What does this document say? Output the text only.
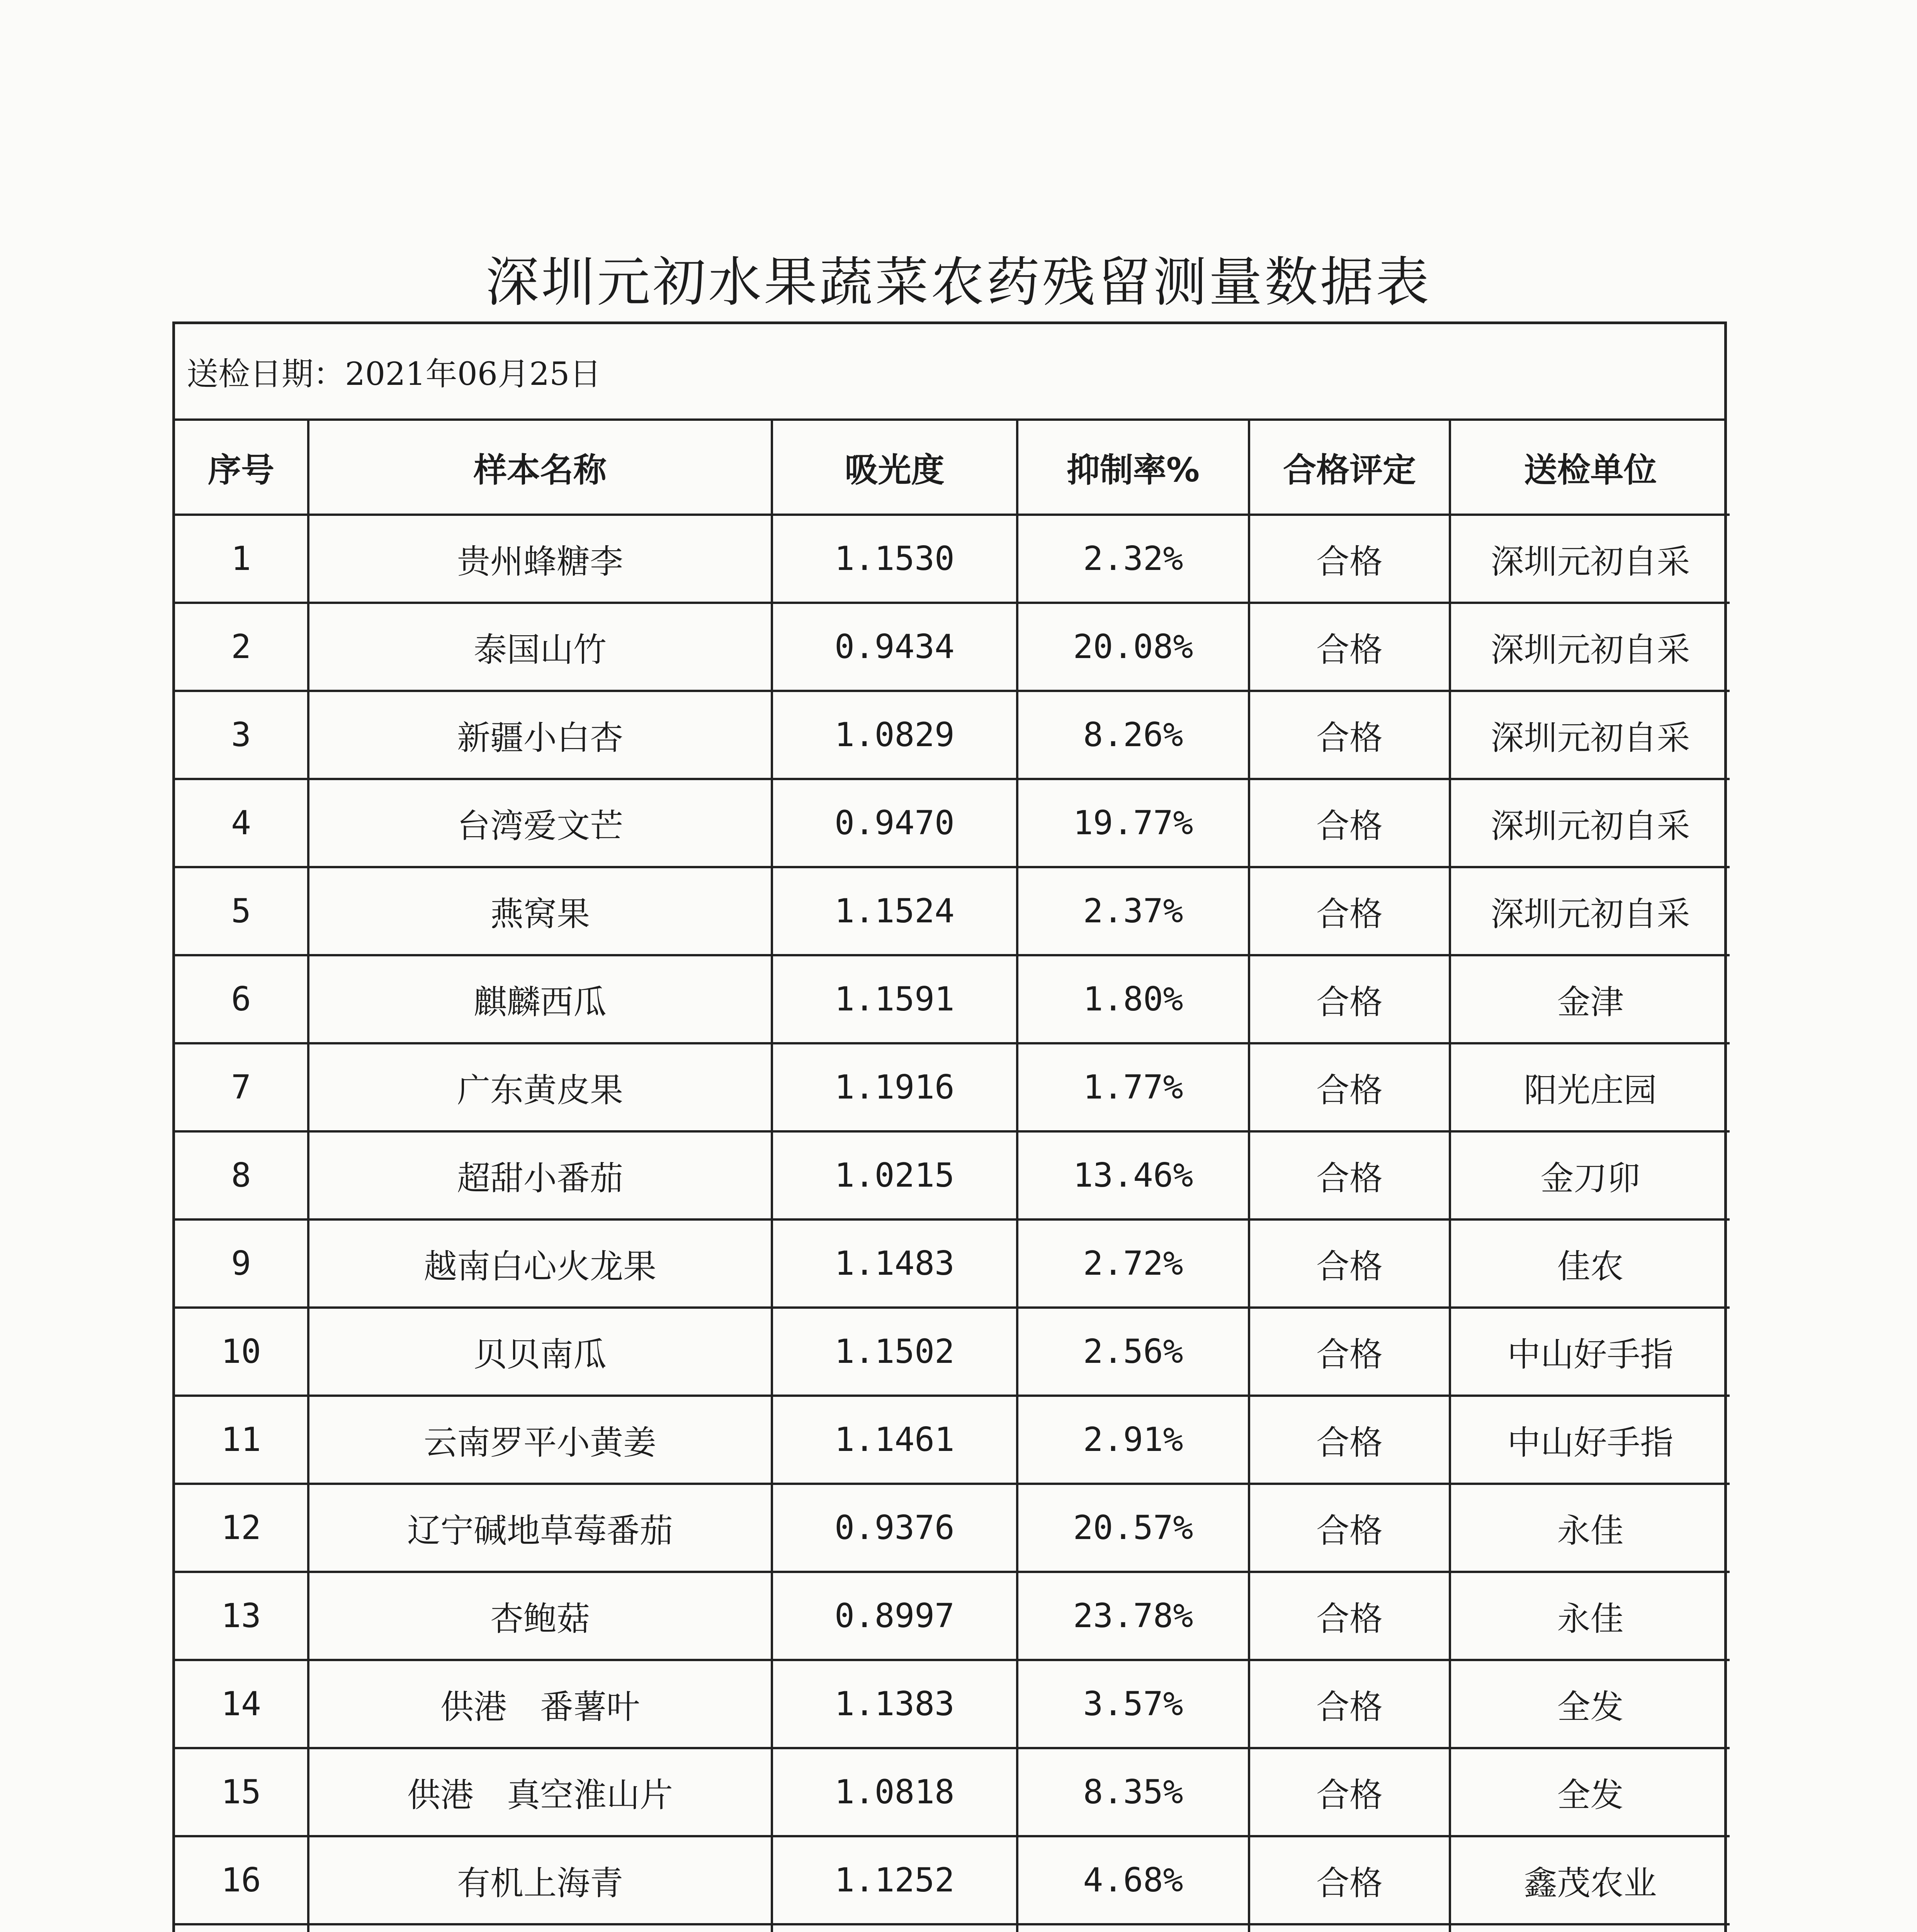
深圳元初水果蔬菜农药残留测量数据表
送检日期：2021年06月25日
序号	样本名称	吸光度	抑制率%	合格评定	送检单位
1	贵州蜂糖李	1.1530	2.32%	合格	深圳元初自采
2	泰国山竹	0.9434	20.08%	合格	深圳元初自采
3	新疆小白杏	1.0829	8.26%	合格	深圳元初自采
4	台湾爱文芒	0.9470	19.77%	合格	深圳元初自采
5	燕窝果	1.1524	2.37%	合格	深圳元初自采
6	麒麟西瓜	1.1591	1.80%	合格	金津
7	广东黄皮果	1.1916	1.77%	合格	阳光庄园
8	超甜小番茄	1.0215	13.46%	合格	金刀卯
9	越南白心火龙果	1.1483	2.72%	合格	佳农
10	贝贝南瓜	1.1502	2.56%	合格	中山好手指
11	云南罗平小黄姜	1.1461	2.91%	合格	中山好手指
12	辽宁碱地草莓番茄	0.9376	20.57%	合格	永佳
13	杏鲍菇	0.8997	23.78%	合格	永佳
14	供港　番薯叶	1.1383	3.57%	合格	全发
15	供港　真空淮山片	1.0818	8.35%	合格	全发
16	有机上海青	1.1252	4.68%	合格	鑫茂农业
